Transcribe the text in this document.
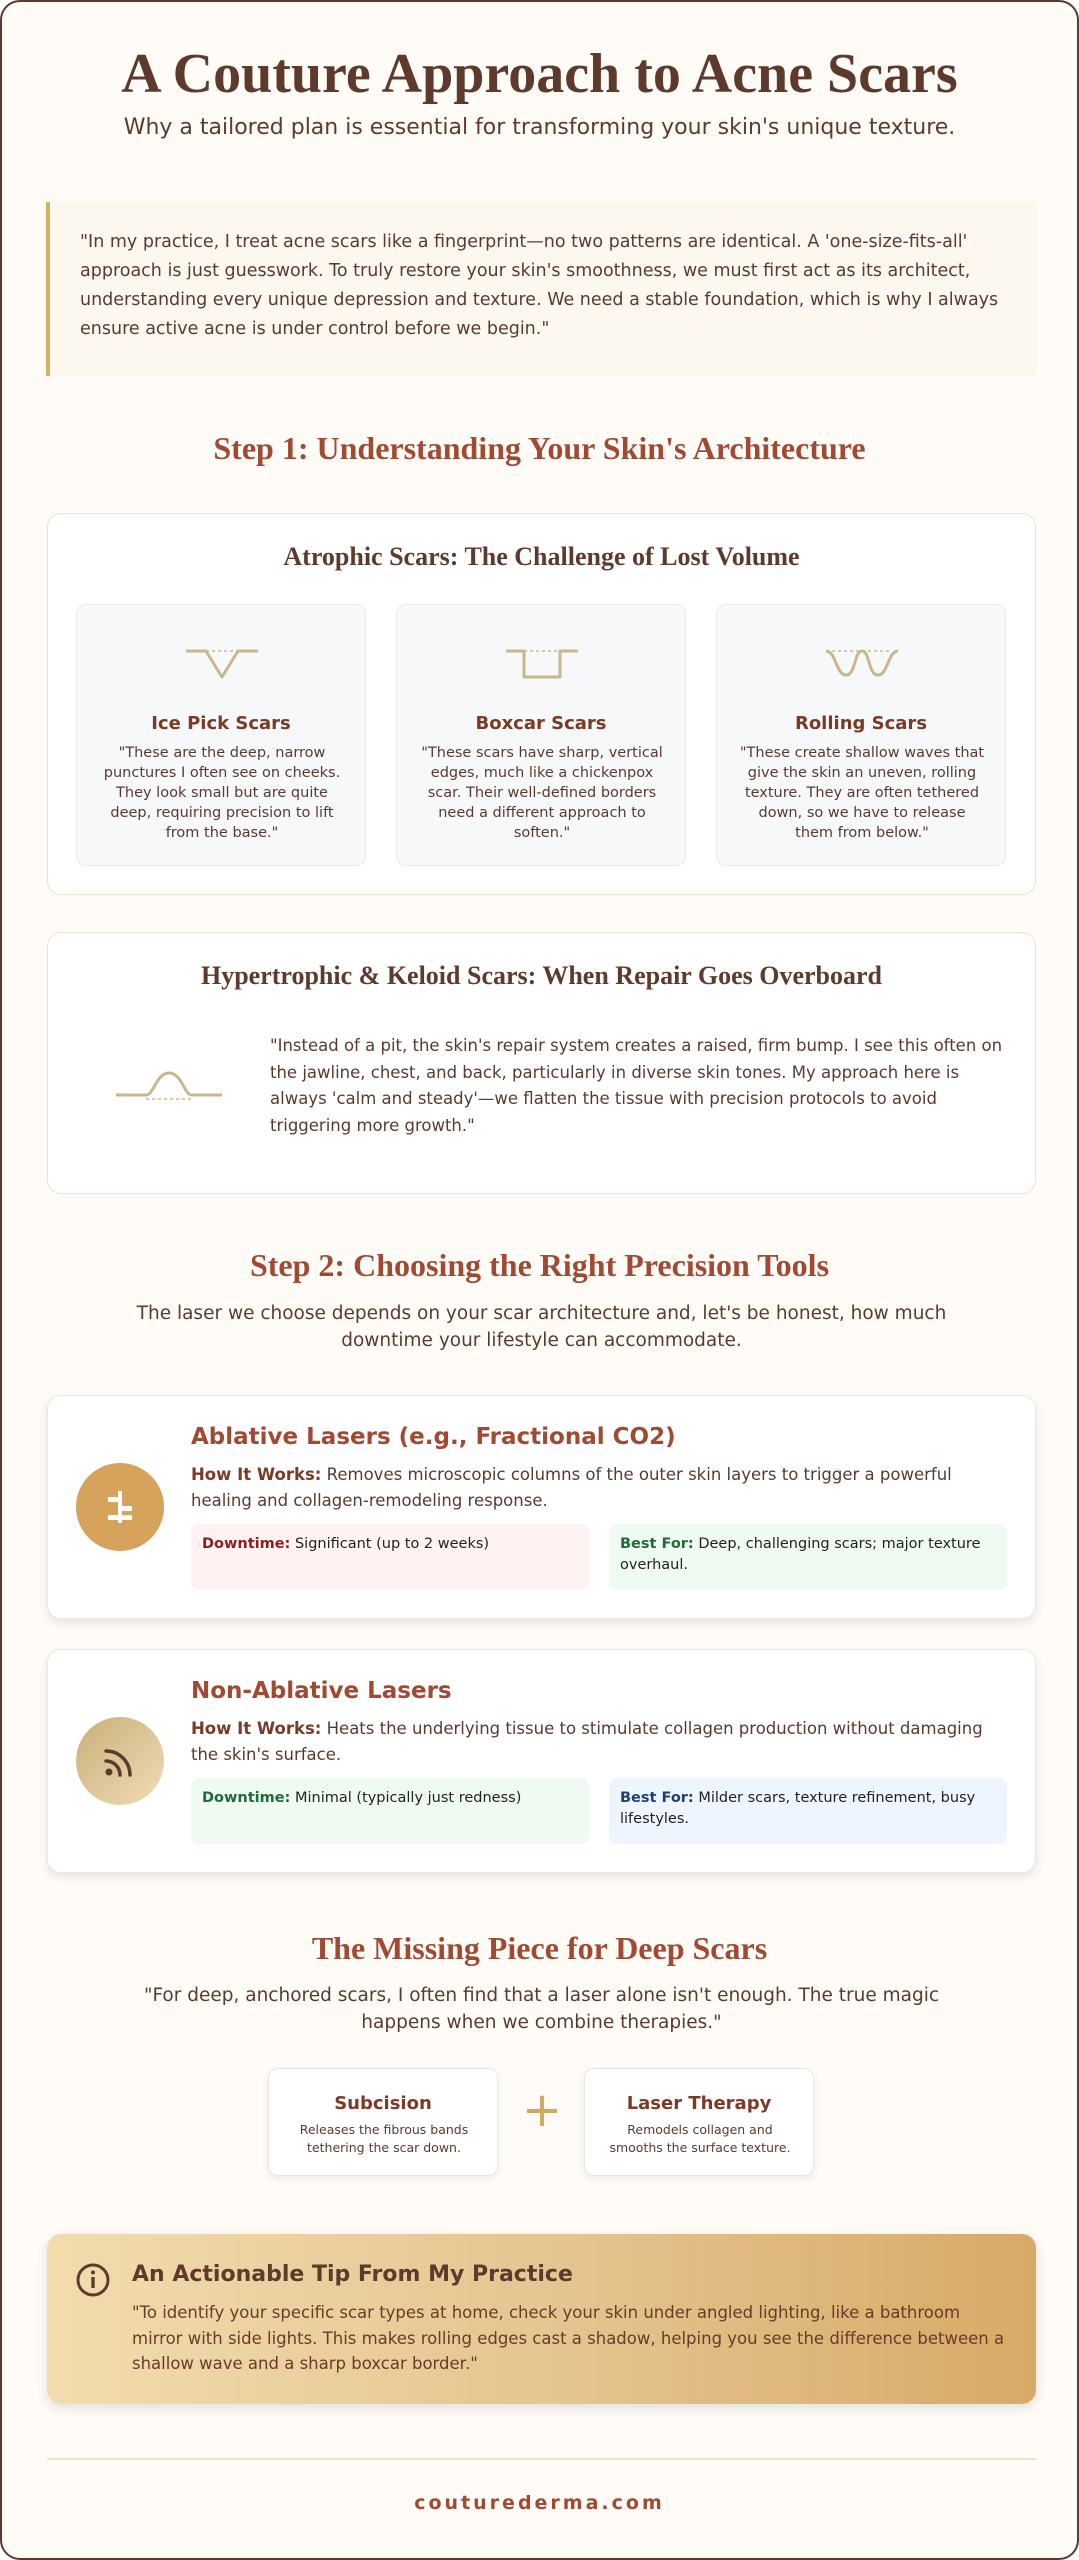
A Couture Approach to Acne Scars
Why a tailored plan is essential for transforming your skin's unique texture.
"In my practice, I treat acne scars like a fingerprint—no two patterns are identical. A 'one-size-fits-all' approach is just guesswork. To truly restore your skin's smoothness, we must first act as its architect, understanding every unique depression and texture. We need a stable foundation, which is why I always ensure active acne is under control before we begin."
Step 1: Understanding Your Skin's Architecture
Atrophic Scars: The Challenge of Lost Volume
Ice Pick Scars
"These are the deep, narrow punctures I often see on cheeks. They look small but are quite deep, requiring precision to lift from the base."
Boxcar Scars
"These scars have sharp, vertical edges, much like a chickenpox scar. Their well-defined borders need a different approach to soften."
Rolling Scars
"These create shallow waves that give the skin an uneven, rolling texture. They are often tethered down, so we have to release them from below."
Hypertrophic & Keloid Scars: When Repair Goes Overboard
"Instead of a pit, the skin's repair system creates a raised, firm bump. I see this often on the jawline, chest, and back, particularly in diverse skin tones. My approach here is always 'calm and steady'—we flatten the tissue with precision protocols to avoid triggering more growth."
Step 2: Choosing the Right Precision Tools
The laser we choose depends on your scar architecture and, let's be honest, how much downtime your lifestyle can accommodate.
Ablative Lasers (e.g., Fractional CO2)
How It Works: Removes microscopic columns of the outer skin layers to trigger a powerful healing and collagen-remodeling response.
Downtime: Significant (up to 2 weeks)	Best For: Deep, challenging scars; major texture overhaul.
Non-Ablative Lasers
How It Works: Heats the underlying tissue to stimulate collagen production without damaging the skin's surface.
Downtime: Minimal (typically just redness)	Best For: Milder scars, texture refinement, busy lifestyles.
The Missing Piece for Deep Scars
"For deep, anchored scars, I often find that a laser alone isn't enough. The true magic happens when we combine therapies."
Subcision
Releases the fibrous bands tethering the scar down.
+	Laser Therapy
Remodels collagen and smooths the surface texture.
An Actionable Tip From My Practice
"To identify your specific scar types at home, check your skin under angled lighting, like a bathroom mirror with side lights. This makes rolling edges cast a shadow, helping you see the difference between a shallow wave and a sharp boxcar border."
couturederma.com
